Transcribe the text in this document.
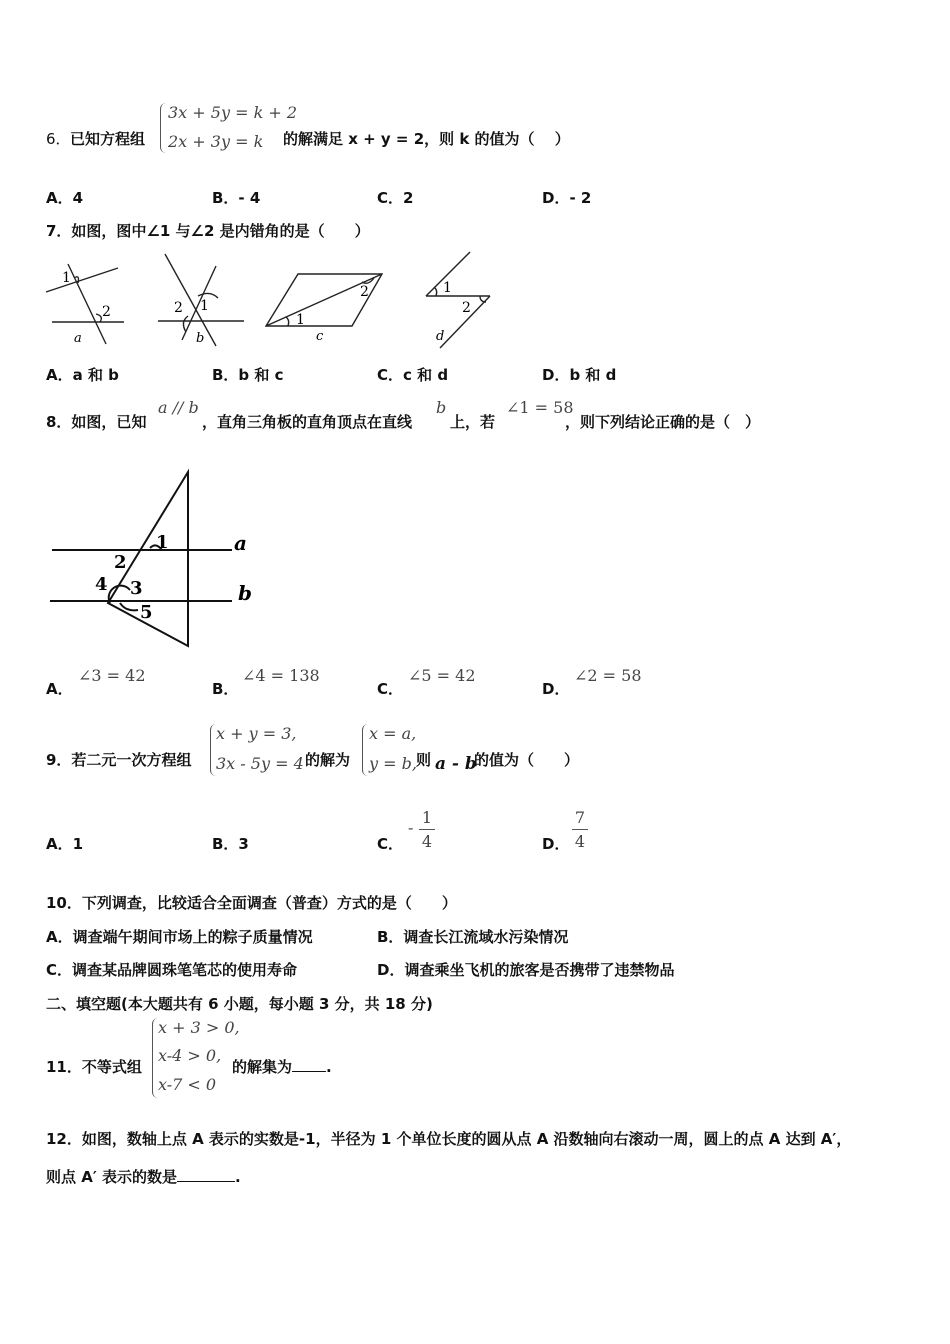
6． 已知方程组
3x + 5y = k + 2
2x + 3y = k 的解满足 x + y = 2，则 k 的值为（　 ）
A．4	B．- 4	C．2	D．- 2
7．如图，图中∠1 与∠2 是内错角的是（　　）
1
2
a
1
2
b
1
2
c
1
2
d
A．a 和 b	B．b 和 c	C．c 和 d	D．b 和 d
8．如图，已知
a // b
，直角三角板的直角顶点在直线
b
上，若
∠1 = 58
，则下列结论正确的是（　）
1
2
3
4
5
a
b
A．
∠3 = 42
B．
∠4 = 138
C．
∠5 = 42
D．
∠2 = 58
9．若二元一次方程组
x + y = 3,
3x - 5y = 4 的解为
x = a,
y = b, 则 a - b
的值为（　　）
A．1	B．3	C．
-
1
4	D．
7
4
10．下列调查，比较适合全面调查（普查）方式的是（　　）
A．调查端午期间市场上的粽子质量情况	B．调查长江流域水污染情况
C．调查某品牌圆珠笔笔芯的使用寿命	D．调查乘坐飞机的旅客是否携带了违禁物品
二、填空题(本大题共有 6 小题，每小题 3 分，共 18 分)
11．不等式组
x + 3 > 0,
x-4 > 0,
x-7 < 0
的解集为 .
12．如图，数轴上点 A 表示的实数是-1，半径为 1 个单位长度的圆从点 A 沿数轴向右滚动一周，圆上的点 A 达到 A′，
则点 A′ 表示的数是	.
